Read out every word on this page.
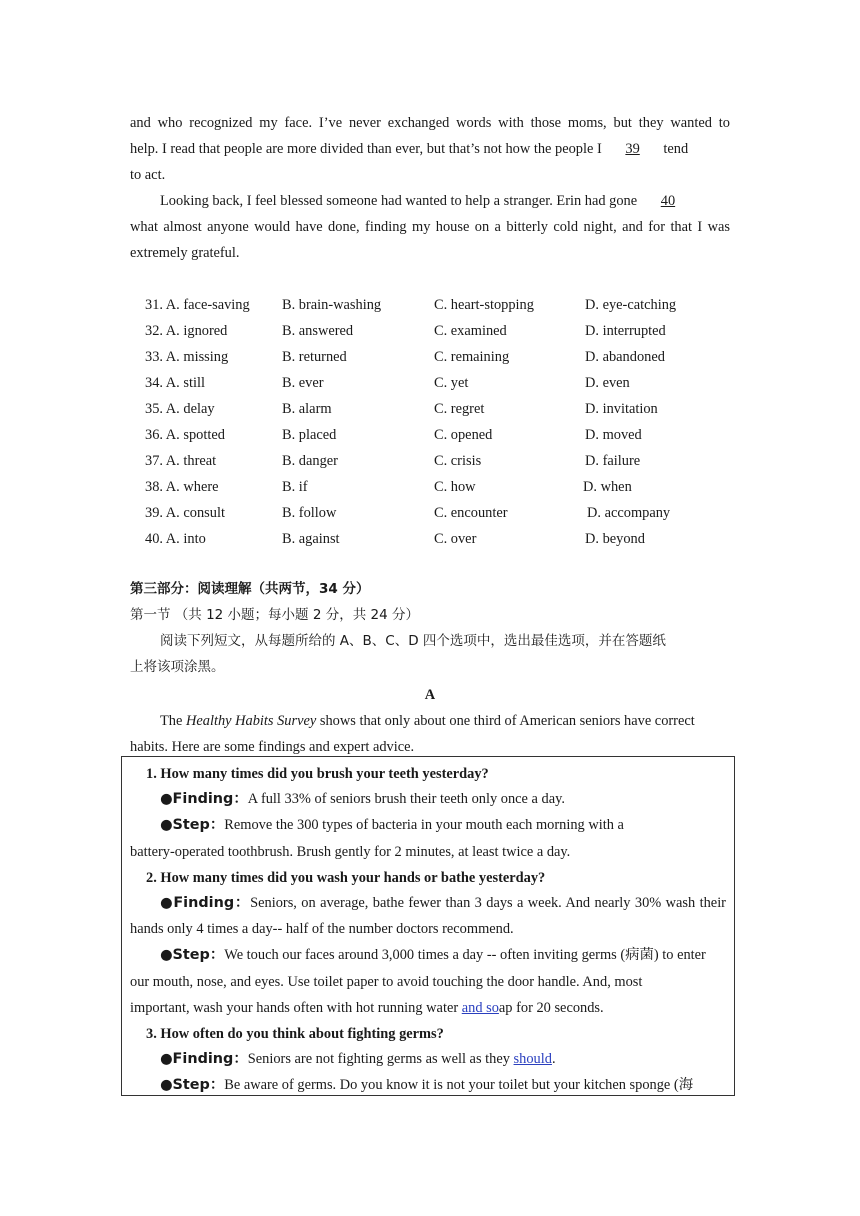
and who recognized my face. I’ve never exchanged words with those moms, but they wanted to
help. I read that people are more divided than ever, but that’s not how the people I 39 tend
to act.
Looking back, I feel blessed someone had wanted to help a stranger. Erin had gone 40
what almost anyone would have done, finding my house on a bitterly cold night, and for that I was
extremely grateful.
31. A. face-saving B. brain-washing	C. heart-stopping	D. eye-catching
32. A. ignored	B. answered	C. examined	D. interrupted
33. A. missing	B. returned	C. remaining	D. abandoned
34. A. still	B. ever	C. yet	D. even
35. A. delay	B. alarm	C. regret	D. invitation
36. A. spotted	B. placed	C. opened	D. moved
37. A. threat	B. danger	C. crisis	D. failure
38. A. where	B. if	C. how	D. when
39. A. consult	B. follow	C. encounter	D. accompany
40. A. into	B. against	C. over	D. beyond
第三部分：阅读理解（共两节，34 分）
第一节 （共 12 小题；每小题 2 分，共 24 分）
阅读下列短文，从每题所给的 A、B、C、D 四个选项中，选出最佳选项，并在答题纸
上将该项涂黑。
A
The Healthy Habits Survey shows that only about one third of American seniors have correct
habits. Here are some findings and expert advice.
1. How many times did you brush your teeth yesterday?
●Finding：A full 33% of seniors brush their teeth only once a day.
●Step：Remove the 300 types of bacteria in your mouth each morning with a
battery-operated toothbrush. Brush gently for 2 minutes, at least twice a day.
2. How many times did you wash your hands or bathe yesterday?
●Finding：Seniors, on average, bathe fewer than 3 days a week. And nearly 30% wash their
hands only 4 times a day-- half of the number doctors recommend.
●Step：We touch our faces around 3,000 times a day -- often inviting germs (病菌) to enter
our mouth, nose, and eyes. Use toilet paper to avoid touching the door handle. And, most
important, wash your hands often with hot running water and soap for 20 seconds.
3. How often do you think about fighting germs?
●Finding：Seniors are not fighting germs as well as they should.
●Step：Be aware of germs. Do you know it is not your toilet but your kitchen sponge (海
